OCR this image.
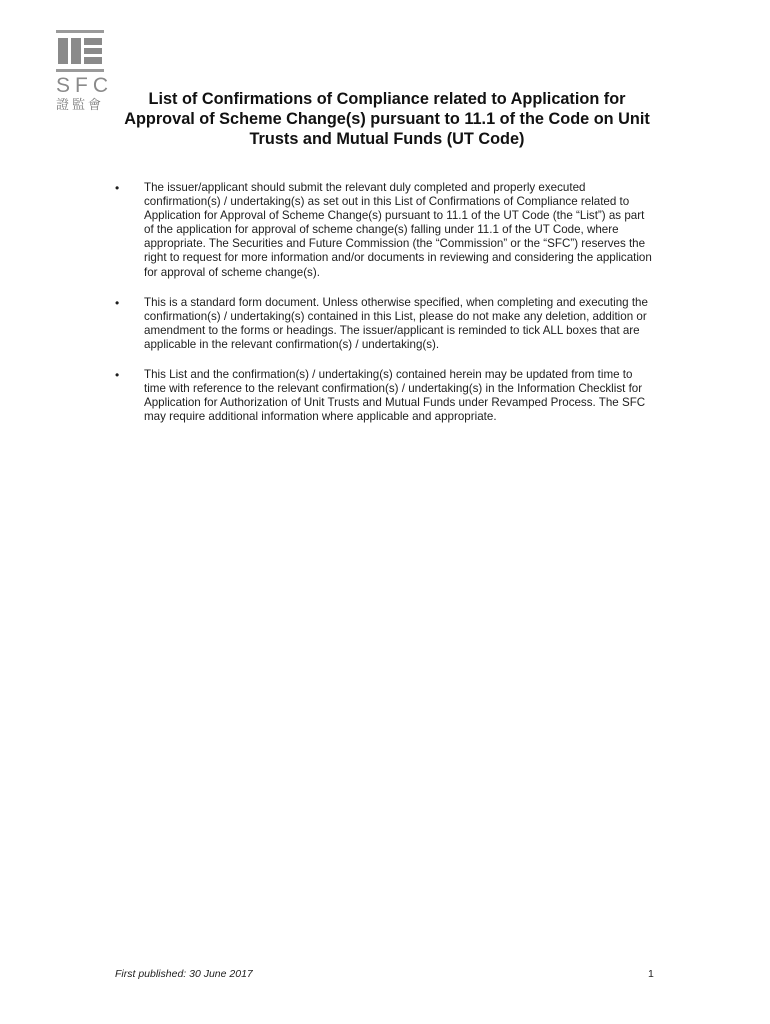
SFC
證監會	List of Confirmations of Compliance related to Application for Approval of Scheme Change(s) pursuant to 11.1 of the Code on Unit Trusts and Mutual Funds (UT Code)
• The issuer/applicant should submit the relevant duly completed and properly executed confirmation(s) / undertaking(s) as set out in this List of Confirmations of Compliance related to Application for Approval of Scheme Change(s) pursuant to 11.1 of the UT Code (the “List”) as part of the application for approval of scheme change(s) falling under 11.1 of the UT Code, where appropriate. The Securities and Future Commission (the “Commission” or the “SFC”) reserves the right to request for more information and/or documents in reviewing and considering the application for approval of scheme change(s).
• This is a standard form document. Unless otherwise specified, when completing and executing the confirmation(s) / undertaking(s) contained in this List, please do not make any deletion, addition or amendment to the forms or headings. The issuer/applicant is reminded to tick ALL boxes that are applicable in the relevant confirmation(s) / undertaking(s).
• This List and the confirmation(s) / undertaking(s) contained herein may be updated from time to time with reference to the relevant confirmation(s) / undertaking(s) in the Information Checklist for Application for Authorization of Unit Trusts and Mutual Funds under Revamped Process. The SFC may require additional information where applicable and appropriate.
First published: 30 June 2017	1
